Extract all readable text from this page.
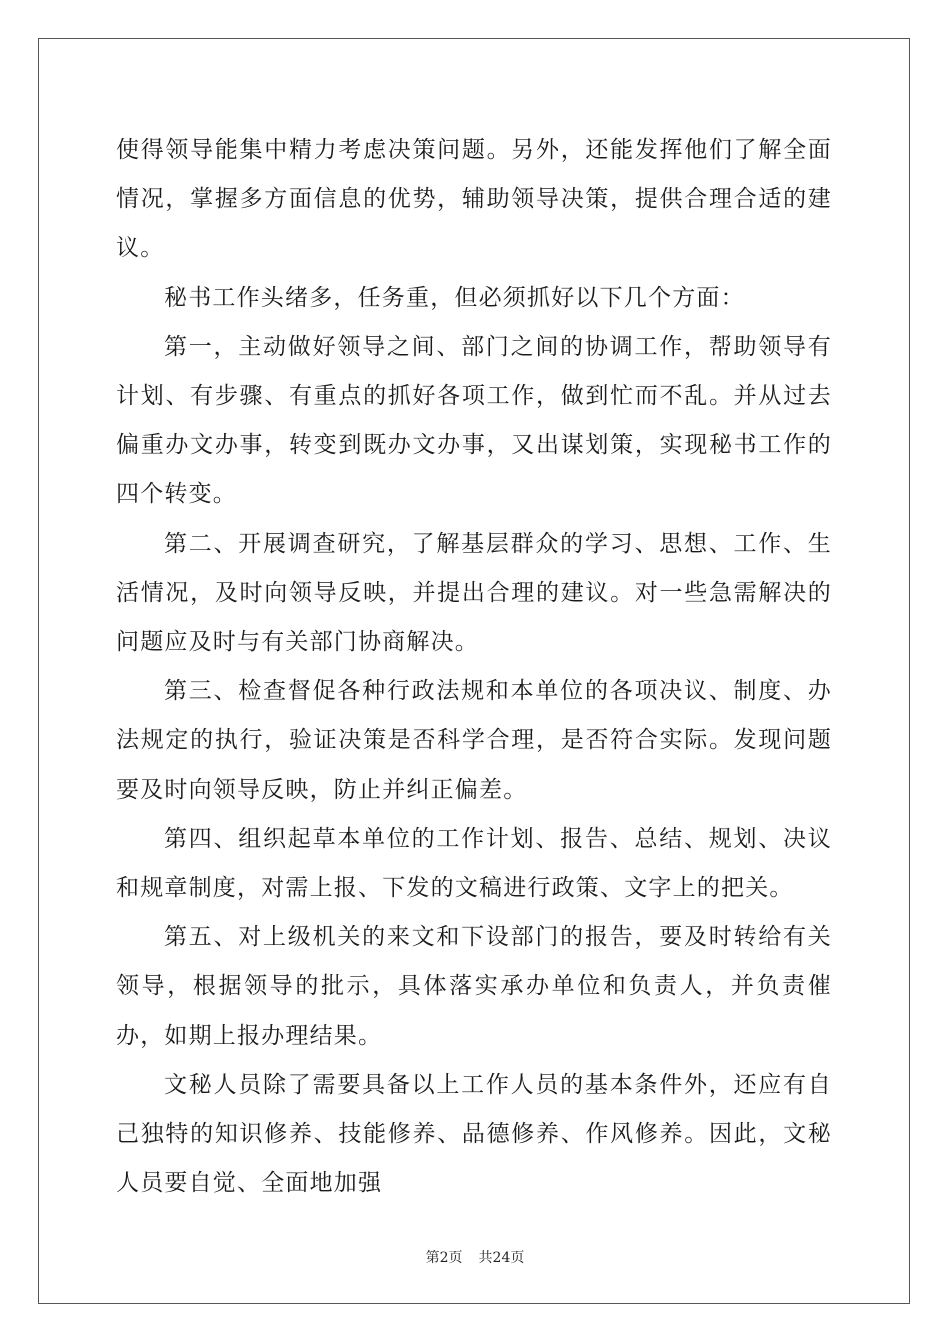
使得领导能集中精力考虑决策问题。另外，还能发挥他们了解全面情况，掌握多方面信息的优势，辅助领导决策，提供合理合适的建议。

秘书工作头绪多，任务重，但必须抓好以下几个方面：

第一，主动做好领导之间、部门之间的协调工作，帮助领导有计划、有步骤、有重点的抓好各项工作，做到忙而不乱。并从过去偏重办文办事，转变到既办文办事，又出谋划策，实现秘书工作的四个转变。

第二、开展调查研究，了解基层群众的学习、思想、工作、生活情况，及时向领导反映，并提出合理的建议。对一些急需解决的问题应及时与有关部门协商解决。

第三、检查督促各种行政法规和本单位的各项决议、制度、办法规定的执行，验证决策是否科学合理，是否符合实际。发现问题要及时向领导反映，防止并纠正偏差。

第四、组织起草本单位的工作计划、报告、总结、规划、决议和规章制度，对需上报、下发的文稿进行政策、文字上的把关。

第五、对上级机关的来文和下设部门的报告，要及时转给有关领导，根据领导的批示，具体落实承办单位和负责人，并负责催办，如期上报办理结果。

文秘人员除了需要具备以上工作人员的基本条件外，还应有自己独特的知识修养、技能修养、品德修养、作风修养。因此，文秘人员要自觉、全面地加强

第2页 共24页
